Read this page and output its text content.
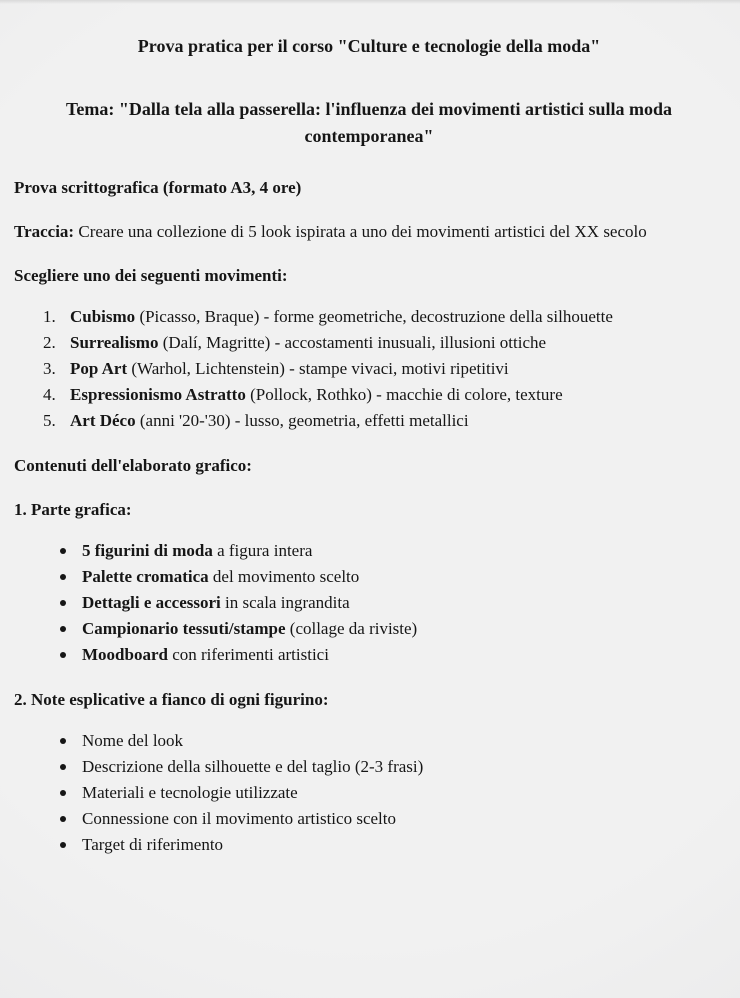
Prova pratica per il corso "Culture e tecnologie della moda"

Tema: "Dalla tela alla passerella: l'influenza dei movimenti artistici sulla moda
contemporanea"

Prova scrittografica (formato A3, 4 ore)

Traccia: Creare una collezione di 5 look ispirata a uno dei movimenti artistici del XX secolo

Scegliere uno dei seguenti movimenti:

1. Cubismo (Picasso, Braque) - forme geometriche, decostruzione della silhouette
2. Surrealismo (Dalí, Magritte) - accostamenti inusuali, illusioni ottiche
3. Pop Art (Warhol, Lichtenstein) - stampe vivaci, motivi ripetitivi
4. Espressionismo Astratto (Pollock, Rothko) - macchie di colore, texture
5. Art Déco (anni '20-'30) - lusso, geometria, effetti metallici

Contenuti dell'elaborato grafico:

1. Parte grafica:

5 figurini di moda a figura intera
Palette cromatica del movimento scelto
Dettagli e accessori in scala ingrandita
Campionario tessuti/stampe (collage da riviste)
Moodboard con riferimenti artistici

2. Note esplicative a fianco di ogni figurino:

Nome del look
Descrizione della silhouette e del taglio (2-3 frasi)
Materiali e tecnologie utilizzate
Connessione con il movimento artistico scelto
Target di riferimento
